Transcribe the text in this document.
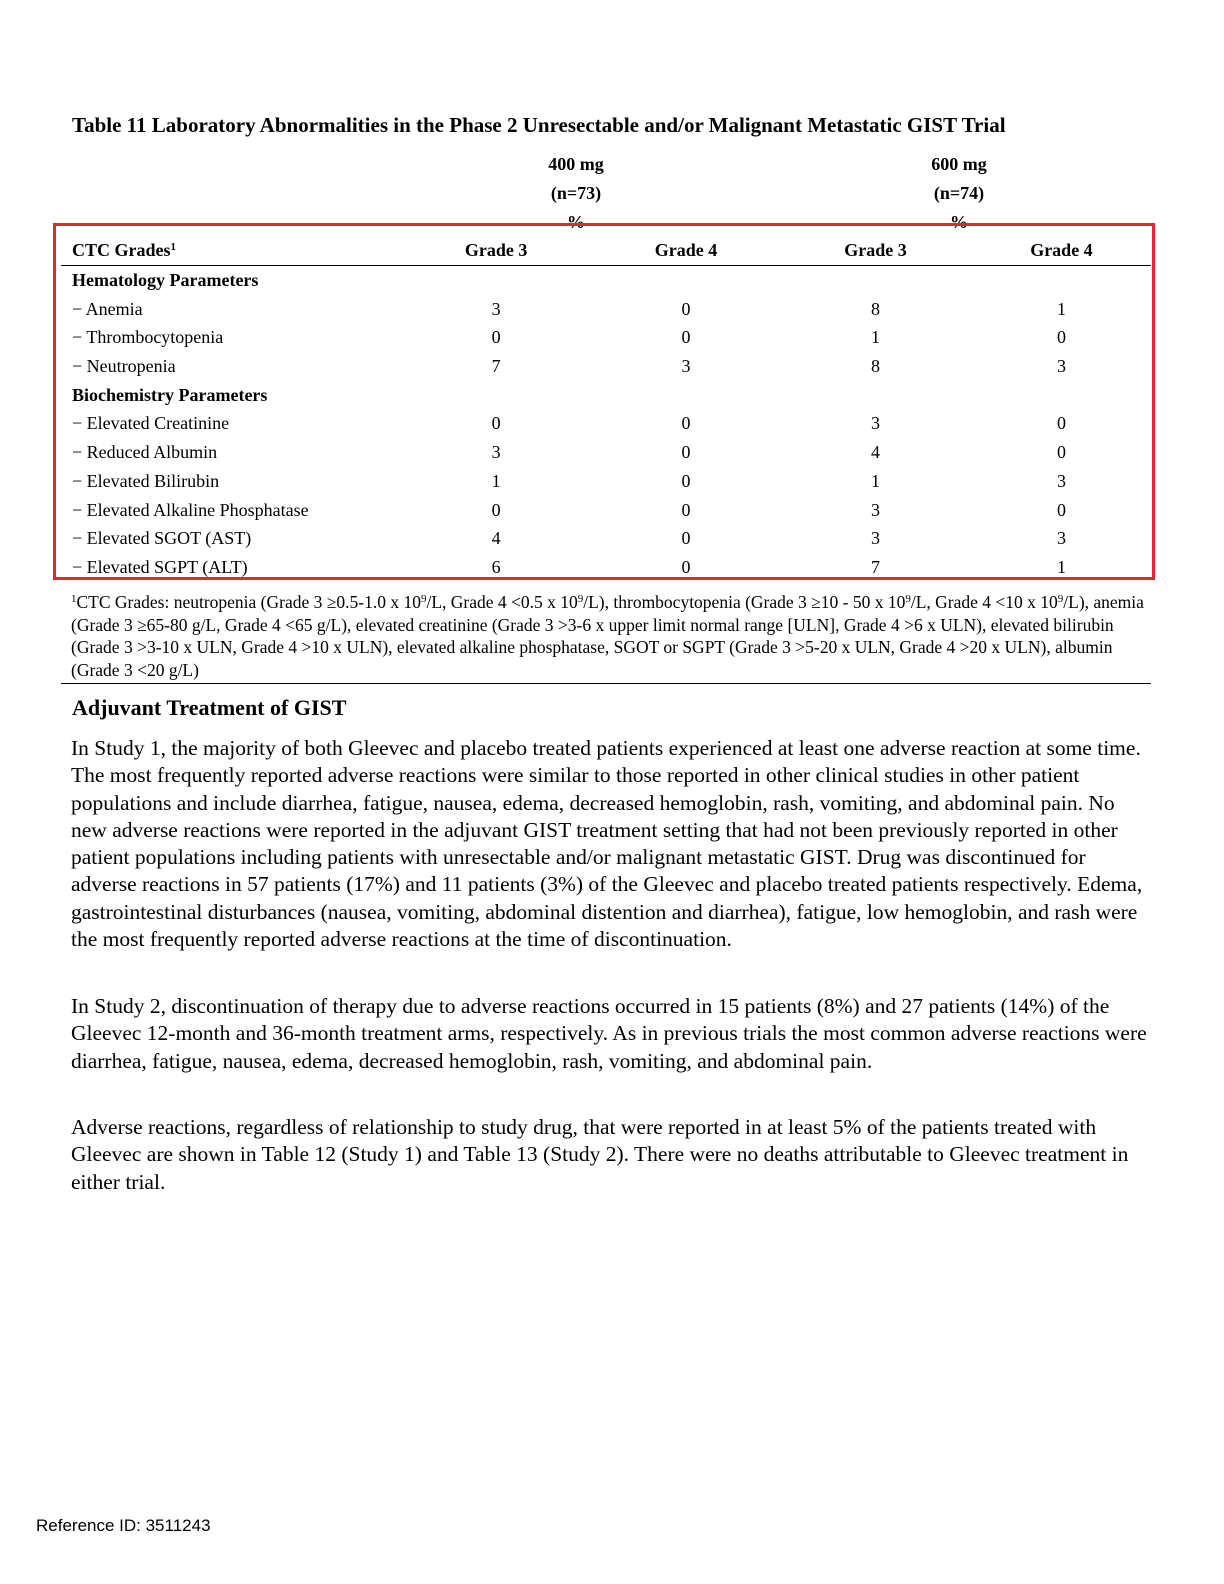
Table 11 Laboratory Abnormalities in the Phase 2 Unresectable and/or Malignant Metastatic GIST Trial
400 mg
(n=73)
%
600 mg
(n=74)
%
CTC Grades$^1$	Grade 3	Grade 4	Grade 3	Grade 4
Hematology Parameters				
− Anemia	3	0	8	1
− Thrombocytopenia	0	0	1	0
− Neutropenia	7	3	8	3
Biochemistry Parameters				
− Elevated Creatinine	0	0	3	0
− Reduced Albumin	3	0	4	0
− Elevated Bilirubin	1	0	1	3
− Elevated Alkaline Phosphatase	0	0	3	0
− Elevated SGOT (AST)	4	0	3	3
− Elevated SGPT (ALT)	6	0	7	1
$^1$CTC Grades: neutropenia (Grade 3 ≥0.5-1.0 x $10^9/L$, Grade 4 <0.5 x $10^9/L$), thrombocytopenia (Grade 3 ≥10 - 50 x $10^9/L$, Grade 4 <10 x $10^9/L$), anemia (Grade 3 ≥65-80 g/L, Grade 4 <65 g/L), elevated creatinine (Grade 3 >3-6 x upper limit normal range [ULN], Grade 4 >6 x ULN), elevated bilirubin (Grade 3 >3-10 x ULN, Grade 4 >10 x ULN), elevated alkaline phosphatase, SGOT or SGPT (Grade 3 >5-20 x ULN, Grade 4 >20 x ULN), albumin (Grade 3 <20 g/L)
Adjuvant Treatment of GIST
In Study 1, the majority of both Gleevec and placebo treated patients experienced at least one adverse reaction at some time. The most frequently reported adverse reactions were similar to those reported in other clinical studies in other patient populations and include diarrhea, fatigue, nausea, edema, decreased hemoglobin, rash, vomiting, and abdominal pain. No new adverse reactions were reported in the adjuvant GIST treatment setting that had not been previously reported in other patient populations including patients with unresectable and/or malignant metastatic GIST. Drug was discontinued for adverse reactions in 57 patients (17%) and 11 patients (3%) of the Gleevec and placebo treated patients respectively. Edema, gastrointestinal disturbances (nausea, vomiting, abdominal distention and diarrhea), fatigue, low hemoglobin, and rash were the most frequently reported adverse reactions at the time of discontinuation.
In Study 2, discontinuation of therapy due to adverse reactions occurred in 15 patients (8%) and 27 patients (14%) of the Gleevec 12-month and 36-month treatment arms, respectively. As in previous trials the most common adverse reactions were diarrhea, fatigue, nausea, edema, decreased hemoglobin, rash, vomiting, and abdominal pain.
Adverse reactions, regardless of relationship to study drug, that were reported in at least 5% of the patients treated with Gleevec are shown in Table 12 (Study 1) and Table 13 (Study 2). There were no deaths attributable to Gleevec treatment in either trial.
Reference ID: 3511243
